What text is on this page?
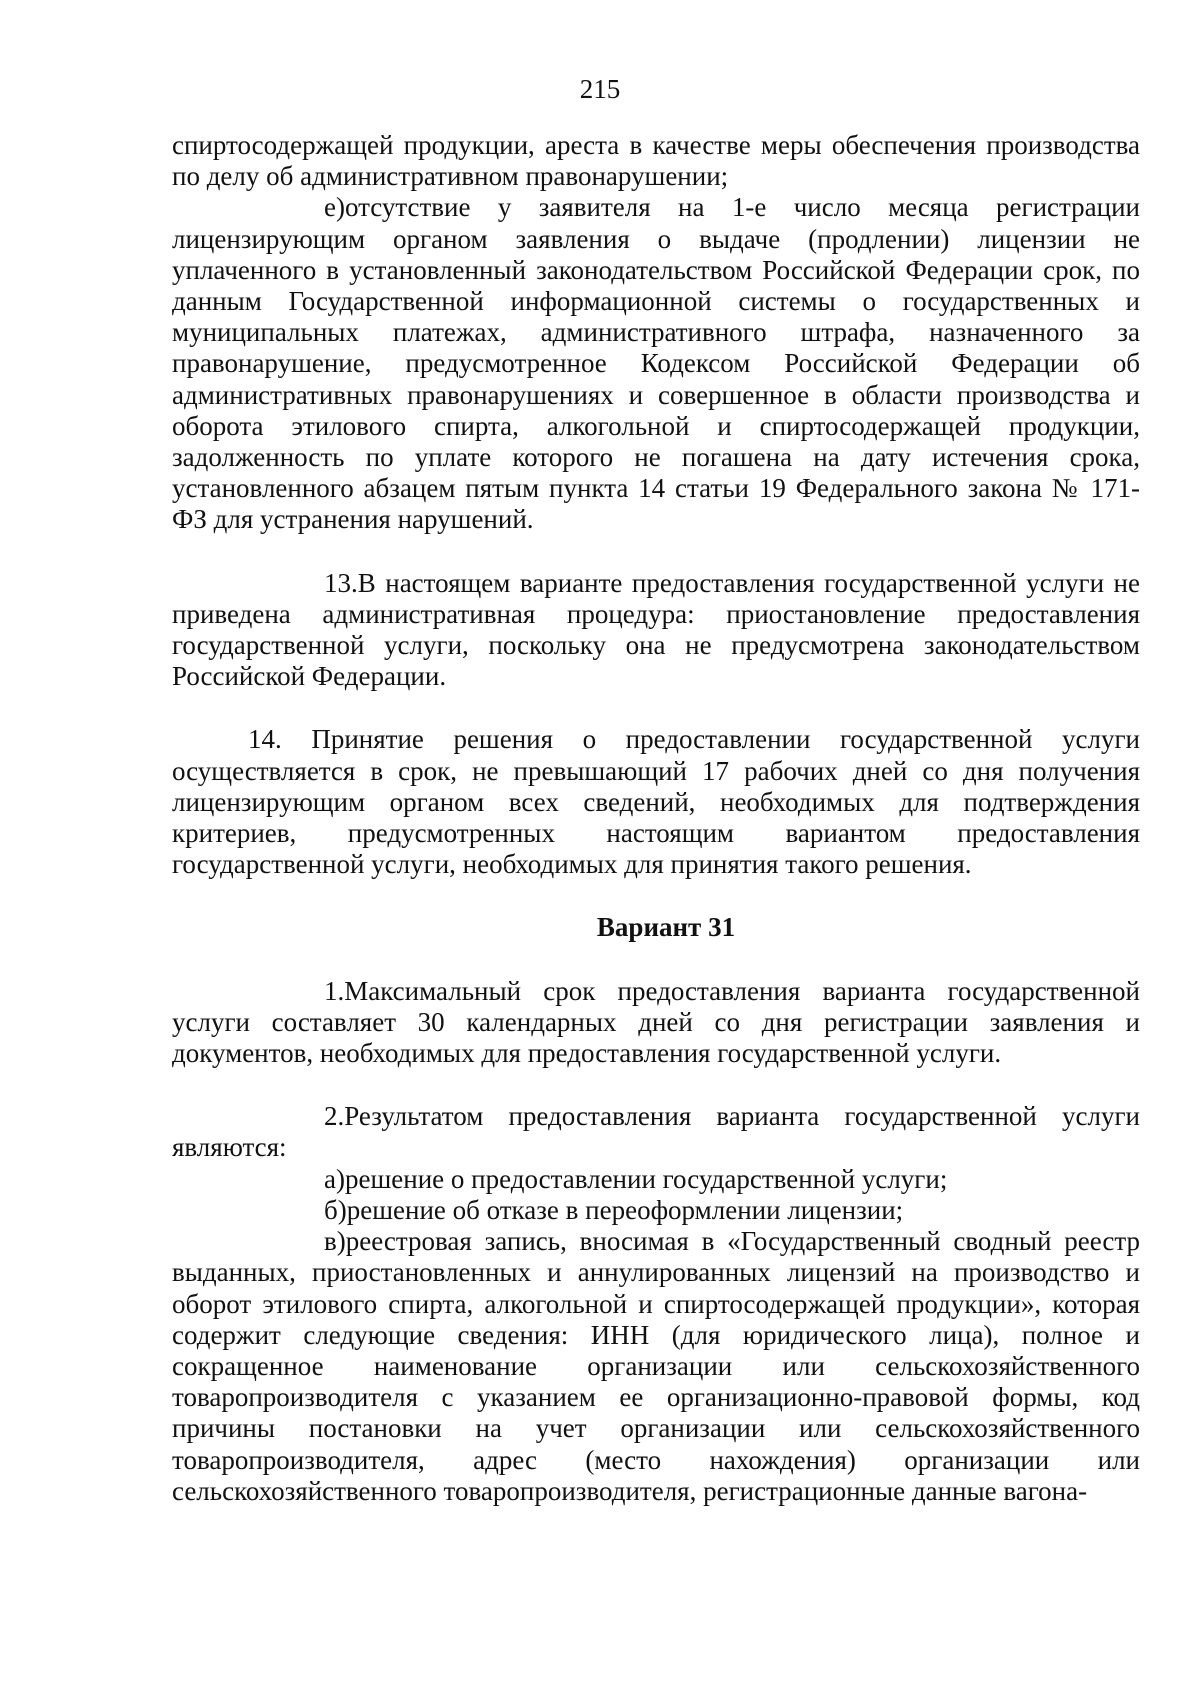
215

спиртосодержащей продукции, ареста в качестве меры обеспечения производства по делу об административном правонарушении;

е)отсутствие у заявителя на 1-е число месяца регистрации лицензирующим органом заявления о выдаче (продлении) лицензии не уплаченного в установленный законодательством Российской Федерации срок, по данным Государственной информационной системы о государственных и муниципальных платежах, административного штрафа, назначенного за правонарушение, предусмотренное Кодексом Российской Федерации об административных правонарушениях и совершенное в области производства и оборота этилового спирта, алкогольной и спиртосодержащей продукции, задолженность по уплате которого не погашена на дату истечения срока, установленного абзацем пятым пункта 14 статьи 19 Федерального закона № 171-ФЗ для устранения нарушений.

13.В настоящем варианте предоставления государственной услуги не приведена административная процедура: приостановление предоставления государственной услуги, поскольку она не предусмотрена законодательством Российской Федерации.

14. Принятие решения о предоставлении государственной услуги осуществляется в срок, не превышающий 17 рабочих дней со дня получения лицензирующим органом всех сведений, необходимых для подтверждения критериев, предусмотренных настоящим вариантом предоставления государственной услуги, необходимых для принятия такого решения.

Вариант 31

1.Максимальный срок предоставления варианта государственной услуги составляет 30 календарных дней со дня регистрации заявления и документов, необходимых для предоставления государственной услуги.

2.Результатом предоставления варианта государственной услуги являются:

а)решение о предоставлении государственной услуги;

б)решение об отказе в переоформлении лицензии;

в)реестровая запись, вносимая в «Государственный сводный реестр выданных, приостановленных и аннулированных лицензий на производство и оборот этилового спирта, алкогольной и спиртосодержащей продукции», которая содержит следующие сведения: ИНН (для юридического лица), полное и сокращенное наименование организации или сельскохозяйственного товаропроизводителя с указанием ее организационно-правовой формы, код причины постановки на учет организации или сельскохозяйственного товаропроизводителя, адрес (место нахождения) организации или сельскохозяйственного товаропроизводителя, регистрационные данные вагона-
